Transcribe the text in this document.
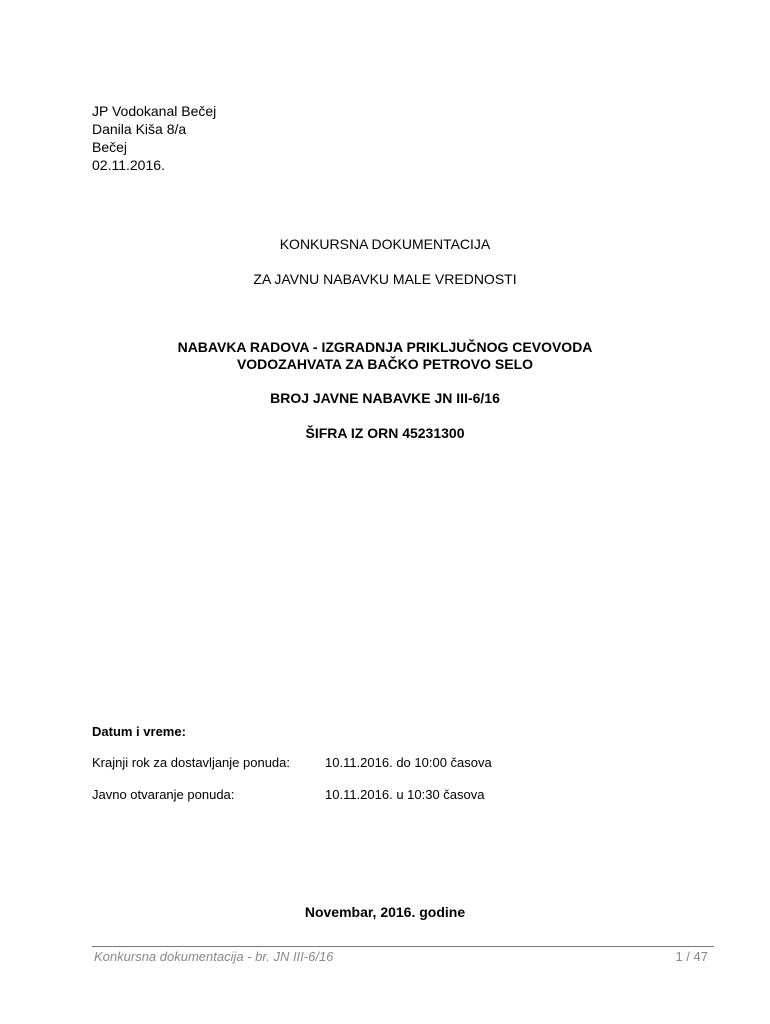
JP Vodokanal Bečej
Danila Kiša 8/a
Bečej
02.11.2016.
KONKURSNA DOKUMENTACIJA
ZA JAVNU NABAVKU MALE VREDNOSTI
NABAVKA RADOVA - IZGRADNJA PRIKLJUČNOG CEVOVODA
VODOZAHVATA ZA BAČKO PETROVO SELO
BROJ JAVNE NABAVKE JN III-6/16
ŠIFRA IZ ORN 45231300
Datum i vreme:
Krajnji rok za dostavljanje ponuda:	10.11.2016. do 10:00 časova
Javno otvaranje ponuda:	10.11.2016. u 10:30 časova
Novembar, 2016. godine
Konkursna dokumentacija - br. JN III-6/16	1 / 47
